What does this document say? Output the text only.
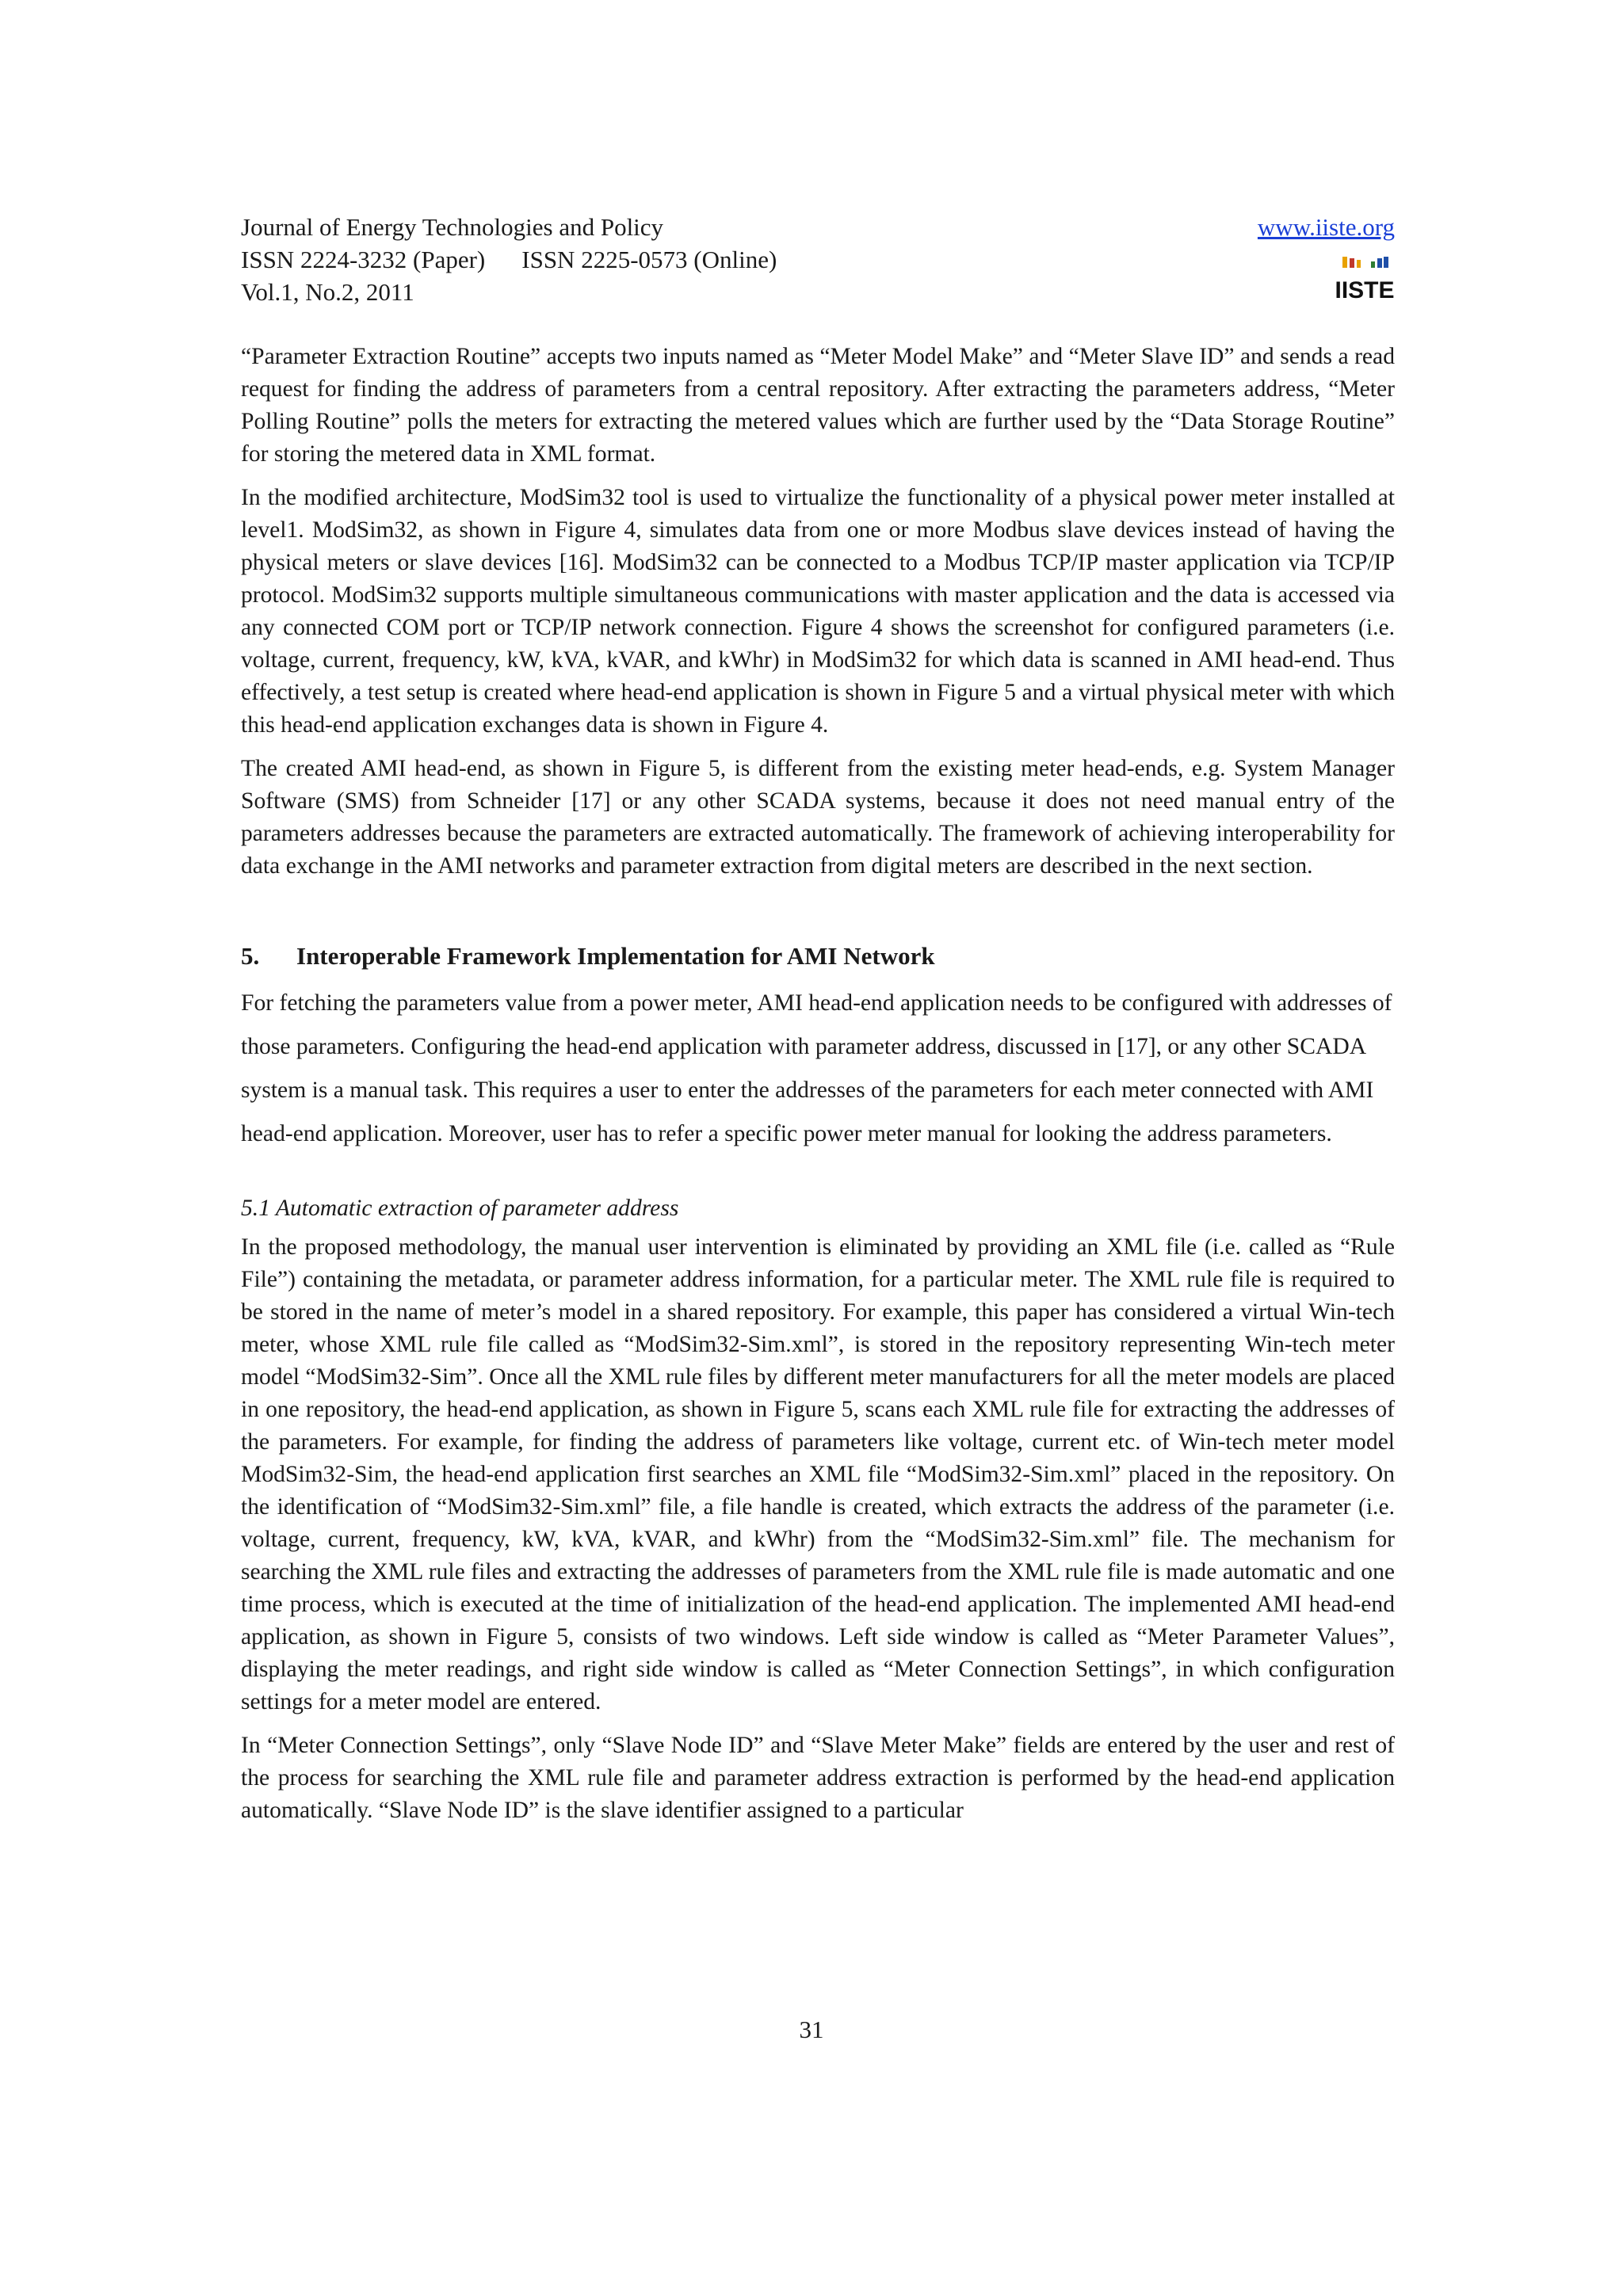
Journal of Energy Technologies and Policy
ISSN 2224-3232 (Paper) ISSN 2225-0573 (Online)
Vol.1, No.2, 2011
www.iiste.org
IISTE

“Parameter Extraction Routine” accepts two inputs named as “Meter Model Make” and “Meter Slave ID” and sends a read request for finding the address of parameters from a central repository. After extracting the parameters address, “Meter Polling Routine” polls the meters for extracting the metered values which are further used by the “Data Storage Routine” for storing the metered data in XML format.

In the modified architecture, ModSim32 tool is used to virtualize the functionality of a physical power meter installed at level1. ModSim32, as shown in Figure 4, simulates data from one or more Modbus slave devices instead of having the physical meters or slave devices [16]. ModSim32 can be connected to a Modbus TCP/IP master application via TCP/IP protocol. ModSim32 supports multiple simultaneous communications with master application and the data is accessed via any connected COM port or TCP/IP network connection. Figure 4 shows the screenshot for configured parameters (i.e. voltage, current, frequency, kW, kVA, kVAR, and kWhr) in ModSim32 for which data is scanned in AMI head-end. Thus effectively, a test setup is created where head-end application is shown in Figure 5 and a virtual physical meter with which this head-end application exchanges data is shown in Figure 4.

The created AMI head-end, as shown in Figure 5, is different from the existing meter head-ends, e.g. System Manager Software (SMS) from Schneider [17] or any other SCADA systems, because it does not need manual entry of the parameters addresses because the parameters are extracted automatically. The framework of achieving interoperability for data exchange in the AMI networks and parameter extraction from digital meters are described in the next section.

5. Interoperable Framework Implementation for AMI Network

For fetching the parameters value from a power meter, AMI head-end application needs to be configured with addresses of those parameters. Configuring the head-end application with parameter address, discussed in [17], or any other SCADA system is a manual task. This requires a user to enter the addresses of the parameters for each meter connected with AMI head-end application. Moreover, user has to refer a specific power meter manual for looking the address parameters.

5.1 Automatic extraction of parameter address

In the proposed methodology, the manual user intervention is eliminated by providing an XML file (i.e. called as “Rule File”) containing the metadata, or parameter address information, for a particular meter. The XML rule file is required to be stored in the name of meter’s model in a shared repository. For example, this paper has considered a virtual Win-tech meter, whose XML rule file called as “ModSim32-Sim.xml”, is stored in the repository representing Win-tech meter model “ModSim32-Sim”. Once all the XML rule files by different meter manufacturers for all the meter models are placed in one repository, the head-end application, as shown in Figure 5, scans each XML rule file for extracting the addresses of the parameters. For example, for finding the address of parameters like voltage, current etc. of Win-tech meter model ModSim32-Sim, the head-end application first searches an XML file “ModSim32-Sim.xml” placed in the repository. On the identification of “ModSim32-Sim.xml” file, a file handle is created, which extracts the address of the parameter (i.e. voltage, current, frequency, kW, kVA, kVAR, and kWhr) from the “ModSim32-Sim.xml” file. The mechanism for searching the XML rule files and extracting the addresses of parameters from the XML rule file is made automatic and one time process, which is executed at the time of initialization of the head-end application. The implemented AMI head-end application, as shown in Figure 5, consists of two windows. Left side window is called as “Meter Parameter Values”, displaying the meter readings, and right side window is called as “Meter Connection Settings”, in which configuration settings for a meter model are entered.

In “Meter Connection Settings”, only “Slave Node ID” and “Slave Meter Make” fields are entered by the user and rest of the process for searching the XML rule file and parameter address extraction is performed by the head-end application automatically. “Slave Node ID” is the slave identifier assigned to a particular

31
